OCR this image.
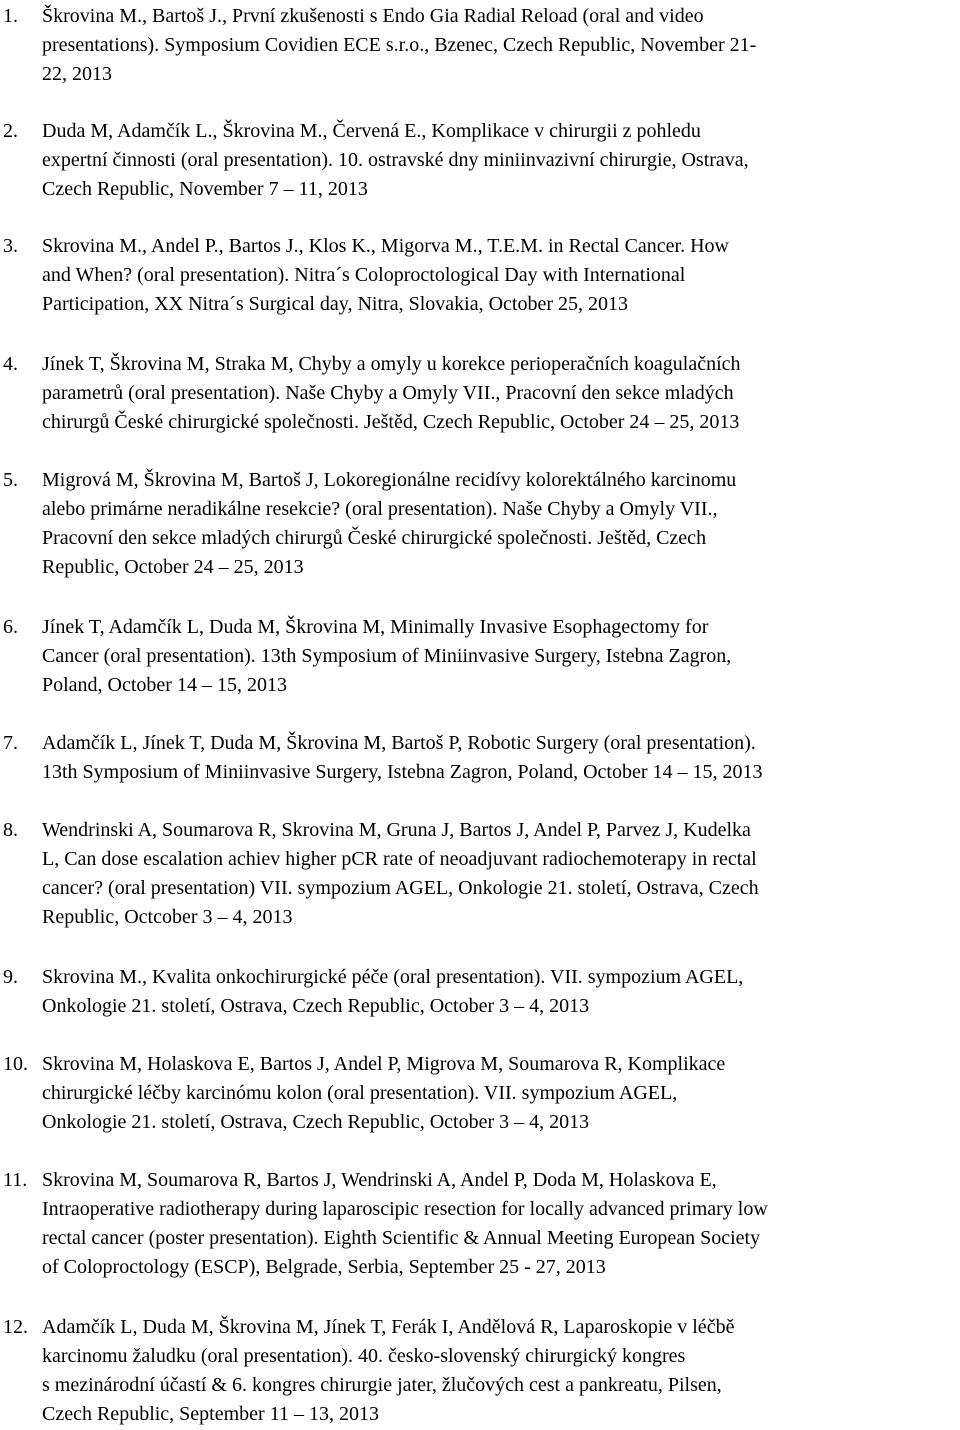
1. Škrovina M., Bartoš J., První zkušenosti s Endo Gia Radial Reload (oral and video
presentations). Symposium Covidien ECE s.r.o., Bzenec, Czech Republic, November 21-
22, 2013
2. Duda M, Adamčík L., Škrovina M., Červená E., Komplikace v chirurgii z pohledu
expertní činnosti (oral presentation). 10. ostravské dny miniinvazivní chirurgie, Ostrava,
Czech Republic, November 7 – 11, 2013
3. Skrovina M., Andel P., Bartos J., Klos K., Migorva M., T.E.M. in Rectal Cancer. How
and When? (oral presentation). Nitra´s Coloproctological Day with International
Participation, XX Nitra´s Surgical day, Nitra, Slovakia, October 25, 2013
4. Jínek T, Škrovina M, Straka M, Chyby a omyly u korekce perioperačních koagulačních
parametrů (oral presentation). Naše Chyby a Omyly VII., Pracovní den sekce mladých
chirurgů České chirurgické společnosti. Ještěd, Czech Republic, October 24 – 25, 2013
5. Migrová M, Škrovina M, Bartoš J, Lokoregionálne recidívy kolorektálného karcinomu
alebo primárne neradikálne resekcie? (oral presentation). Naše Chyby a Omyly VII.,
Pracovní den sekce mladých chirurgů České chirurgické společnosti. Ještěd, Czech
Republic, October 24 – 25, 2013
6. Jínek T, Adamčík L, Duda M, Škrovina M, Minimally Invasive Esophagectomy for
Cancer (oral presentation). 13th Symposium of Miniinvasive Surgery, Istebna Zagron,
Poland, October 14 – 15, 2013
7. Adamčík L, Jínek T, Duda M, Škrovina M, Bartoš P, Robotic Surgery (oral presentation).
13th Symposium of Miniinvasive Surgery, Istebna Zagron, Poland, October 14 – 15, 2013
8. Wendrinski A, Soumarova R, Skrovina M, Gruna J, Bartos J, Andel P, Parvez J, Kudelka
L, Can dose escalation achiev higher pCR rate of neoadjuvant radiochemoterapy in rectal
cancer? (oral presentation) VII. sympozium AGEL, Onkologie 21. století, Ostrava, Czech
Republic, Octcober 3 – 4, 2013
9. Skrovina M., Kvalita onkochirurgické péče (oral presentation). VII. sympozium AGEL,
Onkologie 21. století, Ostrava, Czech Republic, October 3 – 4, 2013
10. Skrovina M, Holaskova E, Bartos J, Andel P, Migrova M, Soumarova R, Komplikace
chirurgické léčby karcinómu kolon (oral presentation). VII. sympozium AGEL,
Onkologie 21. století, Ostrava, Czech Republic, October 3 – 4, 2013
11. Skrovina M, Soumarova R, Bartos J, Wendrinski A, Andel P, Doda M, Holaskova E,
Intraoperative radiotherapy during laparoscipic resection for locally advanced primary low
rectal cancer (poster presentation). Eighth Scientific & Annual Meeting European Society
of Coloproctology (ESCP), Belgrade, Serbia, September 25 - 27, 2013
12. Adamčík L, Duda M, Škrovina M, Jínek T, Ferák I, Andělová R, Laparoskopie v léčbě
karcinomu žaludku (oral presentation). 40. česko-slovenský chirurgický kongres
s mezinárodní účastí & 6. kongres chirurgie jater, žlučových cest a pankreatu, Pilsen,
Czech Republic, September 11 – 13, 2013
